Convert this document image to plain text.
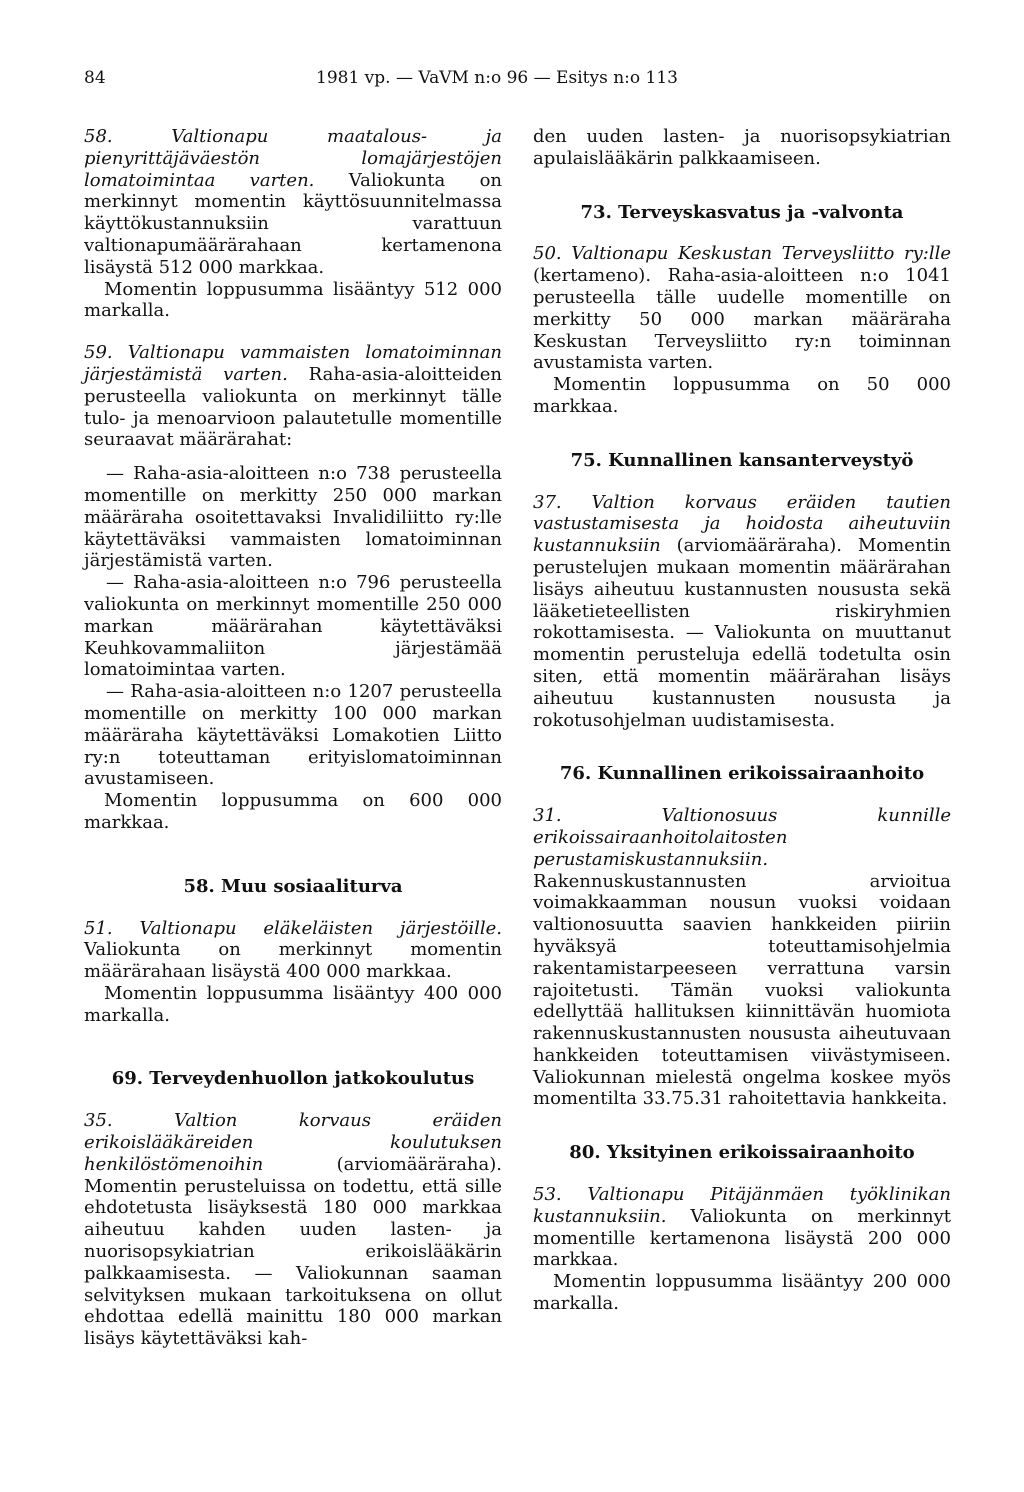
84	1981 vp. — VaVM n:o 96 — Esitys n:o 113

58. Valtionapu maatalous- ja pienyrittäjäväestön lomajärjestöjen lomatoimintaa varten. Valiokunta on merkinnyt momentin käyttösuunnitelmassa käyttökustannuksiin varattuun valtionapumäärärahaan kertamenona lisäystä 512 000 markkaa.

Momentin loppusumma lisääntyy 512 000 markalla.

59. Valtionapu vammaisten lomatoiminnan järjestämistä varten. Raha-asia-aloitteiden perusteella valiokunta on merkinnyt tälle tulo- ja menoarvioon palautetulle momentille seuraavat määrärahat:

— Raha-asia-aloitteen n:o 738 perusteella momentille on merkitty 250 000 markan määräraha osoitettavaksi Invalidiliitto ry:lle käytettäväksi vammaisten lomatoiminnan järjestämistä varten.

— Raha-asia-aloitteen n:o 796 perusteella valiokunta on merkinnyt momentille 250 000 markan määrärahan käytettäväksi Keuhkovammaliiton järjestämää lomatoimintaa varten.

— Raha-asia-aloitteen n:o 1207 perusteella momentille on merkitty 100 000 markan määräraha käytettäväksi Lomakotien Liitto ry:n toteuttaman erityislomatoiminnan avustamiseen.

Momentin loppusumma on 600 000 markkaa.

58. Muu sosiaaliturva

51. Valtionapu eläkeläisten järjestöille. Valiokunta on merkinnyt momentin määrärahaan lisäystä 400 000 markkaa.

Momentin loppusumma lisääntyy 400 000 markalla.

69. Terveydenhuollon jatkokoulutus

35. Valtion korvaus eräiden erikoislääkäreiden koulutuksen henkilöstömenoihin (arviomääräraha). Momentin perusteluissa on todettu, että sille ehdotetusta lisäyksestä 180 000 markkaa aiheutuu kahden uuden lasten- ja nuorisopsykiatrian erikoislääkärin palkkaamisesta. — Valiokunnan saaman selvityksen mukaan tarkoituksena on ollut ehdottaa edellä mainittu 180 000 markan lisäys käytettäväksi kah-

den uuden lasten- ja nuorisopsykiatrian apulaislääkärin palkkaamiseen.

73. Terveyskasvatus ja -valvonta

50. Valtionapu Keskustan Terveysliitto ry:lle (kertameno). Raha-asia-aloitteen n:o 1041 perusteella tälle uudelle momentille on merkitty 50 000 markan määräraha Keskustan Terveysliitto ry:n toiminnan avustamista varten.

Momentin loppusumma on 50 000 markkaa.

75. Kunnallinen kansanterveystyö

37. Valtion korvaus eräiden tautien vastustamisesta ja hoidosta aiheutuviin kustannuksiin (arviomääräraha). Momentin perustelujen mukaan momentin määrärahan lisäys aiheutuu kustannusten noususta sekä lääketieteellisten riskiryhmien rokottamisesta. — Valiokunta on muuttanut momentin perusteluja edellä todetulta osin siten, että momentin määrärahan lisäys aiheutuu kustannusten noususta ja rokotusohjelman uudistamisesta.

76. Kunnallinen erikoissairaanhoito

31. Valtionosuus kunnille erikoissairaanhoitolaitosten perustamiskustannuksiin. Rakennuskustannusten arvioitua voimakkaamman nousun vuoksi voidaan valtionosuutta saavien hankkeiden piiriin hyväksyä toteuttamisohjelmia rakentamistarpeeseen verrattuna varsin rajoitetusti. Tämän vuoksi valiokunta edellyttää hallituksen kiinnittävän huomiota rakennuskustannusten noususta aiheutuvaan hankkeiden toteuttamisen viivästymiseen. Valiokunnan mielestä ongelma koskee myös momentilta 33.75.31 rahoitettavia hankkeita.

80. Yksityinen erikoissairaanhoito

53. Valtionapu Pitäjänmäen työklinikan kustannuksiin. Valiokunta on merkinnyt momentille kertamenona lisäystä 200 000 markkaa.

Momentin loppusumma lisääntyy 200 000 markalla.
